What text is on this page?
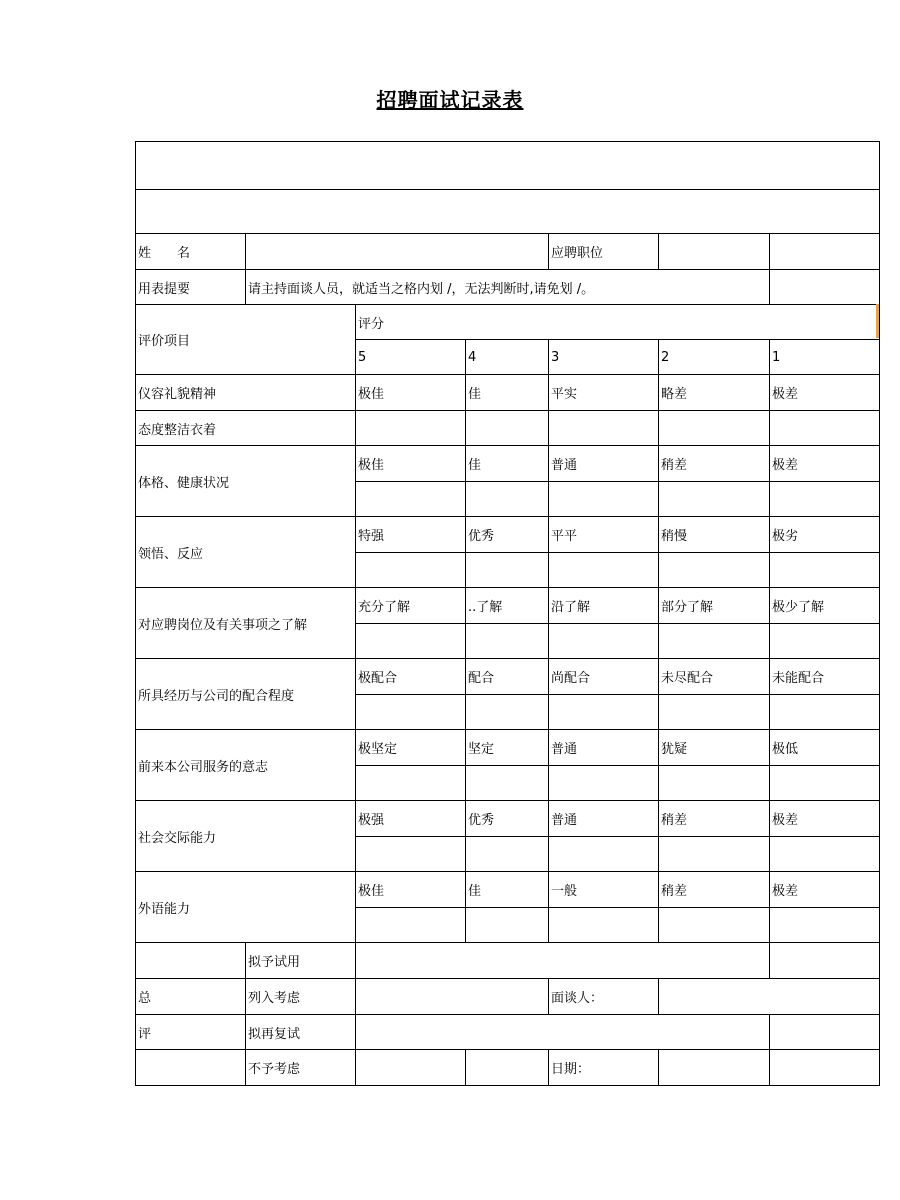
招聘面试记录表

姓　　名				应聘职位		
用表提要	请主持面谈人员，就适当之格内划 /，无法判断时,请免划 /。					
评价项目		评分				
		5	4	3	2	1
仪容礼貌精神		极佳	佳	平实	略差	极差
态度整洁衣着						
体格、健康状况		极佳	佳	普通	稍差	极差

领悟、反应		特强	优秀	平平	稍慢	极劣

对应聘岗位及有关事项之了解		充分了解	..了解	沿了解	部分了解	极少了解

所具经历与公司的配合程度		极配合	配合	尚配合	未尽配合	未能配合

前来本公司服务的意志		极坚定	坚定	普通	犹疑	极低

社会交际能力		极强	优秀	普通	稍差	极差

外语能力		极佳	佳	一般	稍差	极差

	拟予试用					
总	列入考虑			面谈人：		
评	拟再复试					
	不予考虑			日期：		
